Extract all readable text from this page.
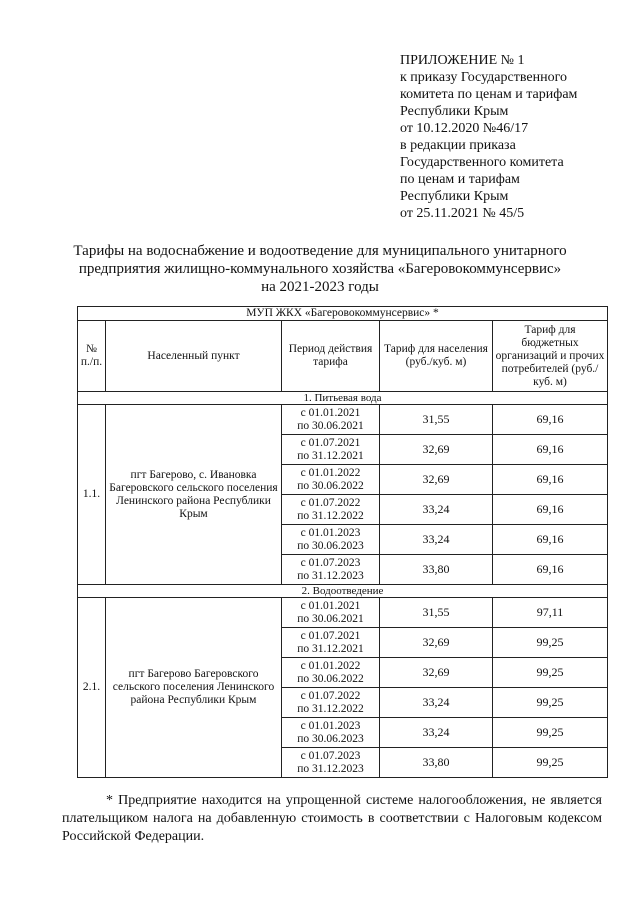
ПРИЛОЖЕНИЕ № 1
к приказу Государственного
комитета по ценам и тарифам
Республики Крым
от 10.12.2020 №46/17
в редакции приказа
Государственного комитета
по ценам и тарифам
Республики Крым
от 25.11.2021 № 45/5
Тарифы на водоснабжение и водоотведение для муниципального унитарного
предприятия жилищно-коммунального хозяйства «Багеровокоммунсервис»
на 2021-2023 годы
МУП ЖКХ «Багеровокоммунсервис» *				
№ п./п.	Населенный пункт	Период действия тарифа	Тариф для населения (руб./куб. м)	Тариф для бюджетных организаций и прочих потребителей (руб./куб. м)
1. Питьевая вода				
1.1.	пгт Багерово, с. Ивановка Багеровского сельского поселения Ленинского района Республики Крым	с 01.01.2021
по 30.06.2021	31,55	69,16

		с 01.07.2021
по 31.12.2021	32,69	69,16

		с 01.01.2022
по 30.06.2022	32,69	69,16

		с 01.07.2022
по 31.12.2022	33,24	69,16

		с 01.01.2023
по 30.06.2023	33,24	69,16

		с 01.07.2023
по 31.12.2023	33,80	69,16
2. Водоотведение				
2.1.	пгт Багерово Багеровского сельского поселения Ленинского района Республики Крым	с 01.01.2021
по 30.06.2021	31,55	97,11

		с 01.07.2021
по 31.12.2021	32,69	99,25

		с 01.01.2022
по 30.06.2022	32,69	99,25

		с 01.07.2022
по 31.12.2022	33,24	99,25

		с 01.01.2023
по 30.06.2023	33,24	99,25

		с 01.07.2023
по 31.12.2023	33,80	99,25
* Предприятие находится на упрощенной системе налогообложения, не является плательщиком налога на добавленную стоимость в соответствии с Налоговым кодексом Российской Федерации.
